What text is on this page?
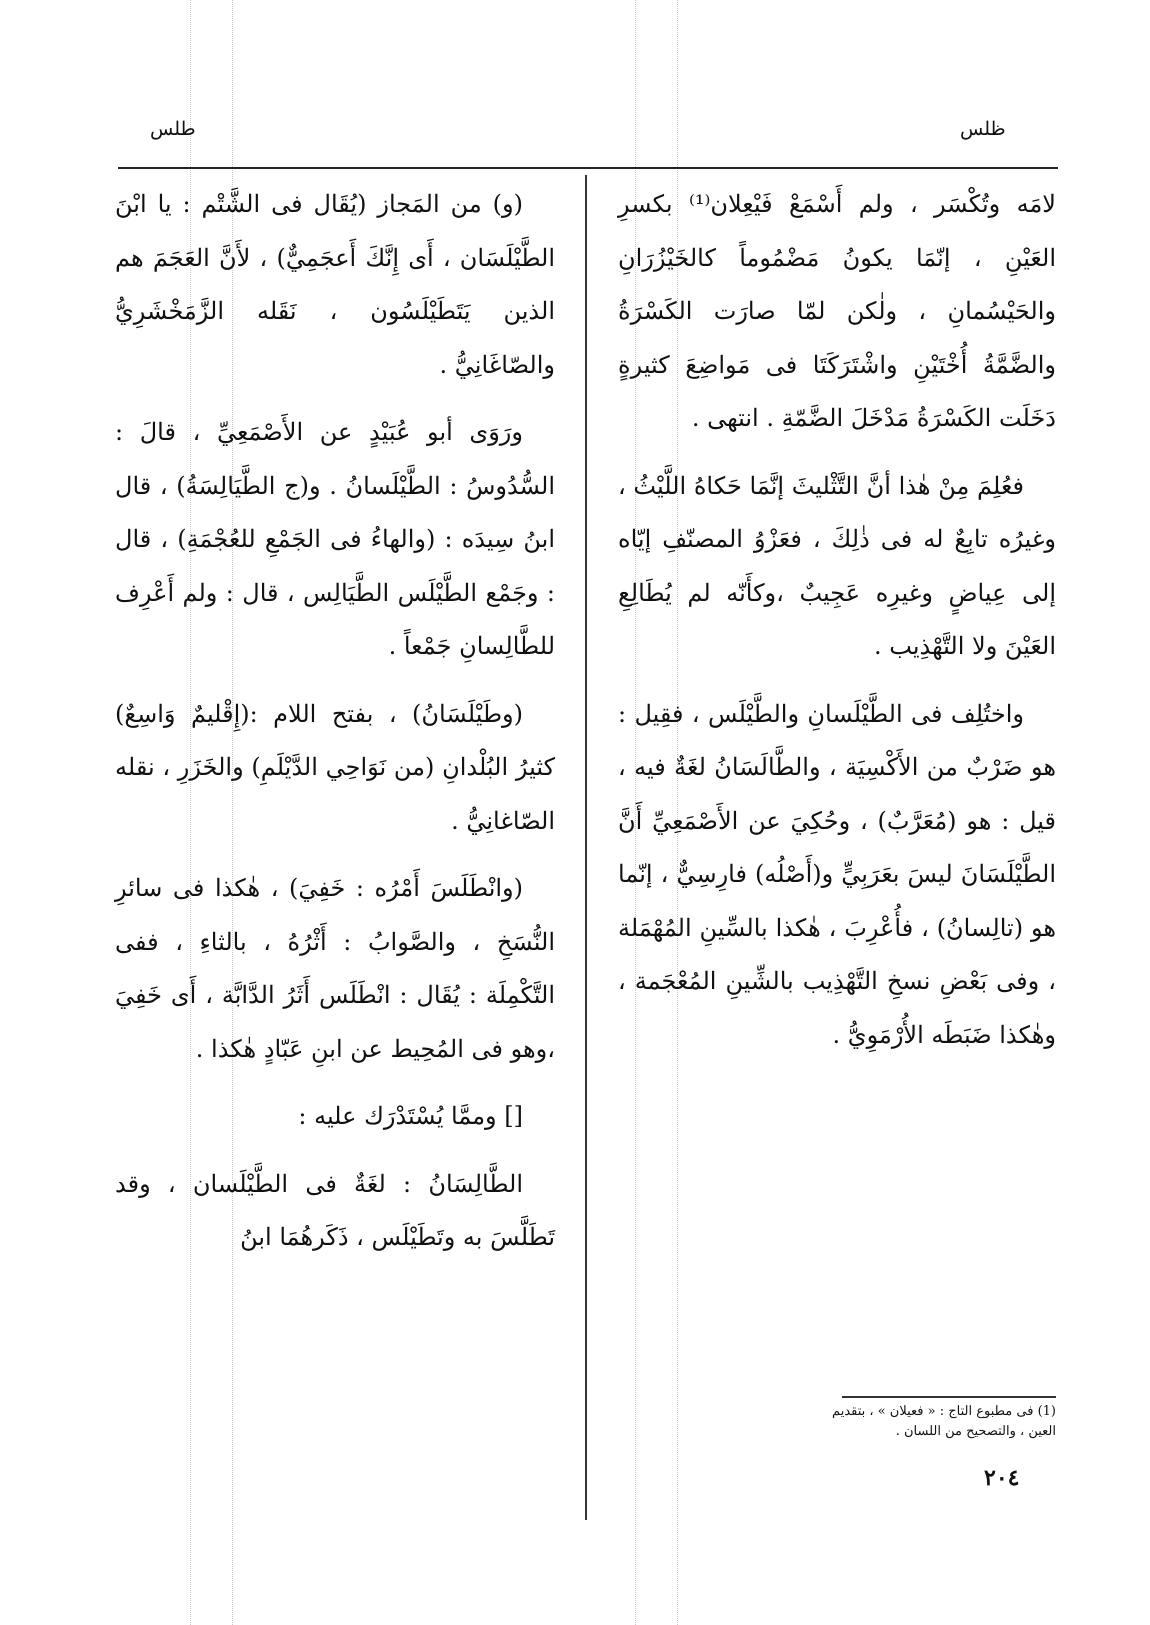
ظلس
طلس

لامَه وتُكْسَر ، ولم أَسْمَعْ فَيْعِلان⁽¹⁾ بكسرِ العَيْنِ ، إنّمَا يكونُ مَضْمُوماً كالخَيْزُرَانِ والحَيْسُمانِ ، ولٰكن لمّا صارَت الكَسْرَةُ والضَّمَّةُ أُخْتَيْنِ واشْتَرَكَتَا فى مَواضِعَ كثيرةٍ دَخَلَت الكَسْرَةُ مَدْخَلَ الضَّمّةِ . انتهى .

فعُلِمَ مِنْ هٰذا أنَّ التَّثْليثَ إنَّمَا حَكاهُ اللَّيْثُ ، وغيرُه تابِعٌ له فى ذٰلِكَ ، فعَزْوُ المصنّفِ إيّاه إلى عِياضٍ وغيرِه عَجِيبٌ ،وكأَنّه لم يُطَالِعِ العَيْنَ ولا التَّهْذِيب .

واختُلِف فى الطَّيْلَسانِ والطَّيْلَس ، فقِيل : هو ضَرْبٌ من الأَكْسِيَة ، والطَّالَسَانُ لغَةٌ فيه ، قيل : هو (مُعَرَّبٌ) ، وحُكِيَ عن الأَصْمَعِيِّ أَنَّ الطَّيْلَسَانَ ليسَ بعَرَبِيٍّ و(أَصْلُه) فارِسِيٌّ ، إنّما هو (تالِسانُ) ، فأُعْرِبَ ، هٰكذا بالسِّينِ المُهْمَلة ، وفى بَعْضِ نسخِ التَّهْذِيب بالشِّينِ المُعْجَمة ، وهٰكذا ضَبَطَه الأُرْمَوِيُّ .

(و) من المَجاز (يُقَال فى الشَّتْم : يا ابْنَ الطَّيْلَسَان ، أَى إِنَّكَ أَعجَمِيٌّ) ، لأَنَّ العَجَمَ هم الذين يَتَطَيْلَسُون ، نَقَله الزَّمَخْشَرِيُّ والصّاغَانِيُّ .

ورَوَى أبو عُبَيْدٍ عن الأَصْمَعِيِّ ، قالَ : السُّدُوسُ : الطَّيْلَسانُ . و(ج الطَّيَالِسَةُ) ، قال ابنُ سِيدَه : (والهاءُ فى الجَمْعِ للعُجْمَةِ) ، قال : وجَمْع الطَّيْلَس الطَّيَالِس ، قال : ولم أَعْرِف للطَّالِسانِ جَمْعاً .

(وطَيْلَسَانُ) ، بفتح اللام :(إِقْليمٌ وَاسِعٌ) كثيرُ البُلْدانِ (من نَوَاحِي الدَّيْلَمِ) والخَزَرِ ، نقله الصّاغانِيُّ .

(وانْطَلَسَ أَمْرُه : خَفِيَ) ، هٰكذا فى سائرِ النُّسَخِ ، والصَّوابُ : أَثْرُهُ ، بالثاءِ ، ففى التَّكْمِلَة : يُقَال : انْطَلَس أَثَرُ الدَّابَّة ، أَى خَفِيَ ،وهو فى المُحِيط عن ابنِ عَبّادٍ هٰكذا .

[] وممَّا يُسْتَدْرَك عليه :

الطَّالِسَانُ : لغَةٌ فى الطَّيْلَسان ، وقد تَطَلَّسَ به وتَطَيْلَس ، ذَكَرهُمَا ابنُ

(1) فى مطبوع التاج : « فعيلان » ، بتقديم العين ، والتصحيح من اللسان .
٢٠٤
